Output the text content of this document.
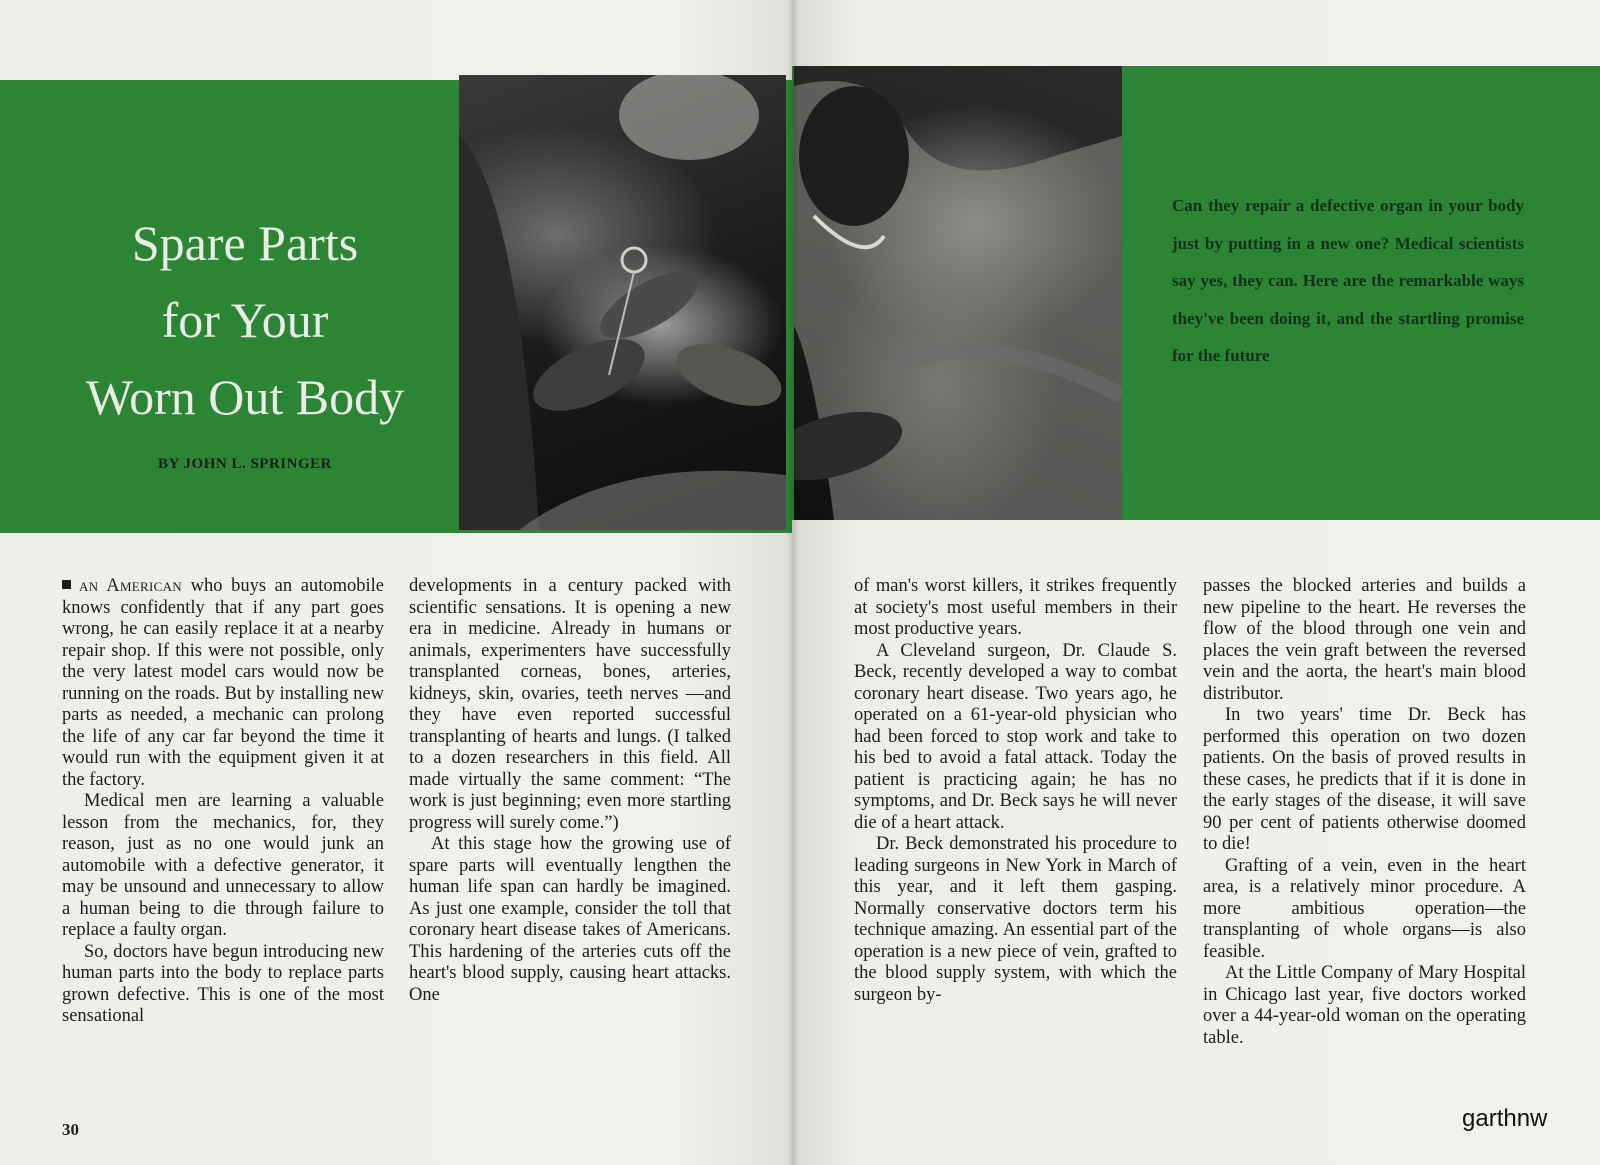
Spare Parts
for Your
Worn Out Body
BY JOHN L. SPRINGER
Can they repair a defective organ in your body just by putting in a new one? Medical scientists say yes, they can. Here are the remarkable ways they've been doing it, and the startling promise for the future

an American who buys an automobile knows confidently that if any part goes wrong, he can easily replace it at a nearby repair shop. If this were not possible, only the very latest model cars would now be running on the roads. But by installing new parts as needed, a mechanic can prolong the life of any car far beyond the time it would run with the equipment given it at the factory.

Medical men are learning a valuable lesson from the mechanics, for, they reason, just as no one would junk an automobile with a defective generator, it may be unsound and unnecessary to allow a human being to die through failure to replace a faulty organ.

So, doctors have begun introducing new human parts into the body to replace parts grown defective. This is one of the most sensational

developments in a century packed with scientific sensations. It is opening a new era in medicine. Already in humans or animals, experimenters have successfully transplanted corneas, bones, arteries, kidneys, skin, ovaries, teeth nerves —and they have even reported successful transplanting of hearts and lungs. (I talked to a dozen researchers in this field. All made virtually the same comment: “The work is just beginning; even more startling progress will surely come.”)

At this stage how the growing use of spare parts will eventually lengthen the human life span can hardly be imagined. As just one example, consider the toll that coronary heart disease takes of Americans. This hardening of the arteries cuts off the heart's blood supply, causing heart attacks. One

of man's worst killers, it strikes frequently at society's most useful members in their most productive years.

A Cleveland surgeon, Dr. Claude S. Beck, recently developed a way to combat coronary heart disease. Two years ago, he operated on a 61-year-old physician who had been forced to stop work and take to his bed to avoid a fatal attack. Today the patient is practicing again; he has no symptoms, and Dr. Beck says he will never die of a heart attack.

Dr. Beck demonstrated his procedure to leading surgeons in New York in March of this year, and it left them gasping. Normally conservative doctors term his technique amazing. An essential part of the operation is a new piece of vein, grafted to the blood supply system, with which the surgeon by-

passes the blocked arteries and builds a new pipeline to the heart. He reverses the flow of the blood through one vein and places the vein graft between the reversed vein and the aorta, the heart's main blood distributor.

In two years' time Dr. Beck has performed this operation on two dozen patients. On the basis of proved results in these cases, he predicts that if it is done in the early stages of the disease, it will save 90 per cent of patients otherwise doomed to die!

Grafting of a vein, even in the heart area, is a relatively minor procedure. A more ambitious operation—the transplanting of whole organs—is also feasible.

At the Little Company of Mary Hospital in Chicago last year, five doctors worked over a 44-year-old woman on the operating table.

30	garthnw
